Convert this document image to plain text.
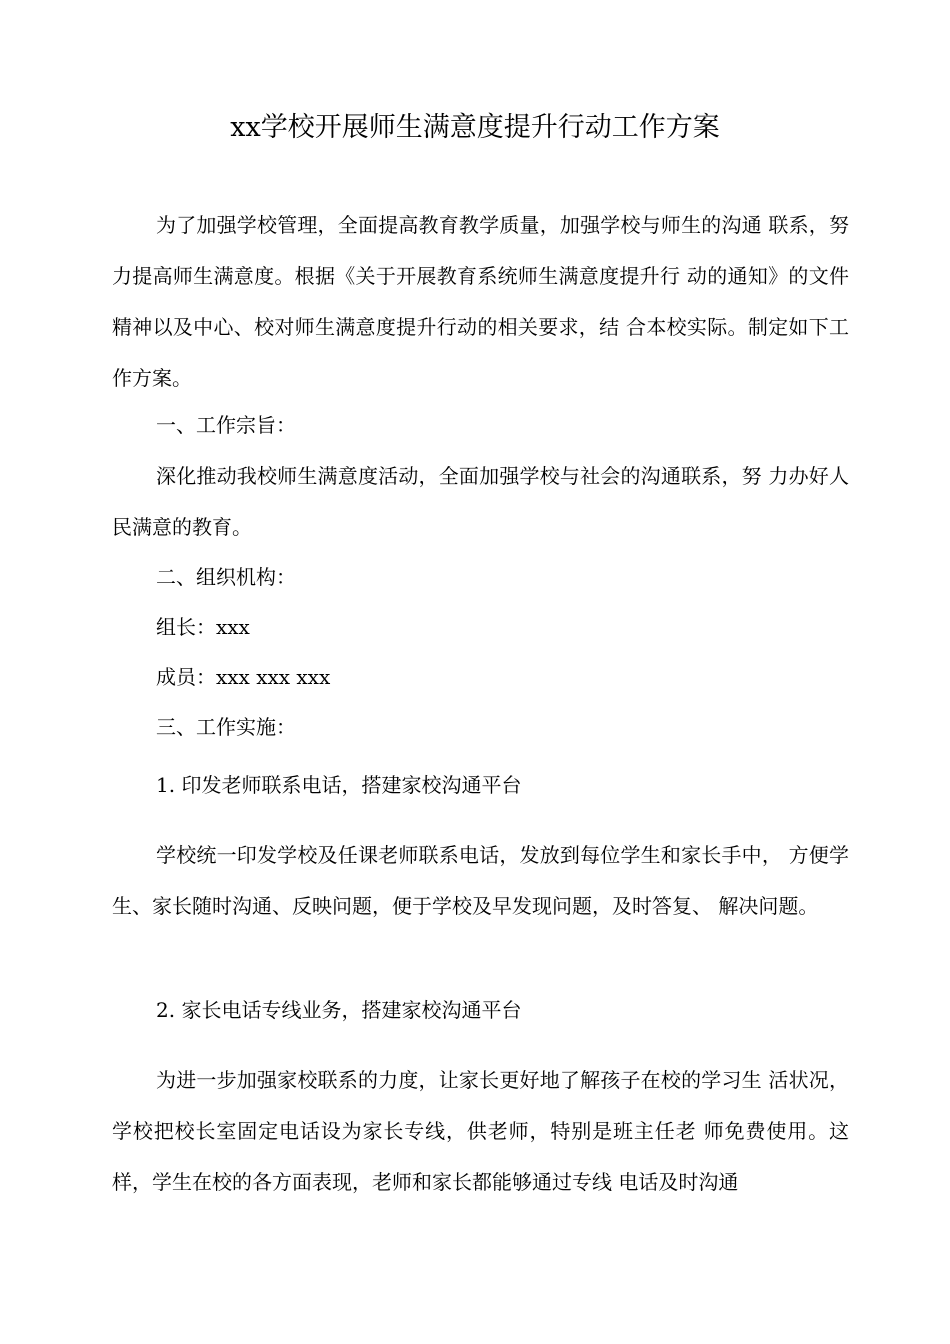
xx学校开展师生满意度提升行动工作方案

为了加强学校管理，全面提高教育教学质量，加强学校与师生的沟通 联系，努力提高师生满意度。根据《关于开展教育系统师生满意度提升行 动的通知》的文件精神以及中心、校对师生满意度提升行动的相关要求，结 合本校实际。制定如下工作方案。

一、工作宗旨：

深化推动我校师生满意度活动，全面加强学校与社会的沟通联系，努 力办好人民满意的教育。

二、组织机构：

组长：xxx

成员：xxx xxx xxx

三、工作实施：

1. 印发老师联系电话，搭建家校沟通平台

学校统一印发学校及任课老师联系电话，发放到每位学生和家长手中， 方便学生、家长随时沟通、反映问题，便于学校及早发现问题，及时答复、 解决问题。

2. 家长电话专线业务，搭建家校沟通平台

为进一步加强家校联系的力度，让家长更好地了解孩子在校的学习生 活状况，学校把校长室固定电话设为家长专线，供老师，特别是班主任老 师免费使用。这样，学生在校的各方面表现，老师和家长都能够通过专线 电话及时沟通
